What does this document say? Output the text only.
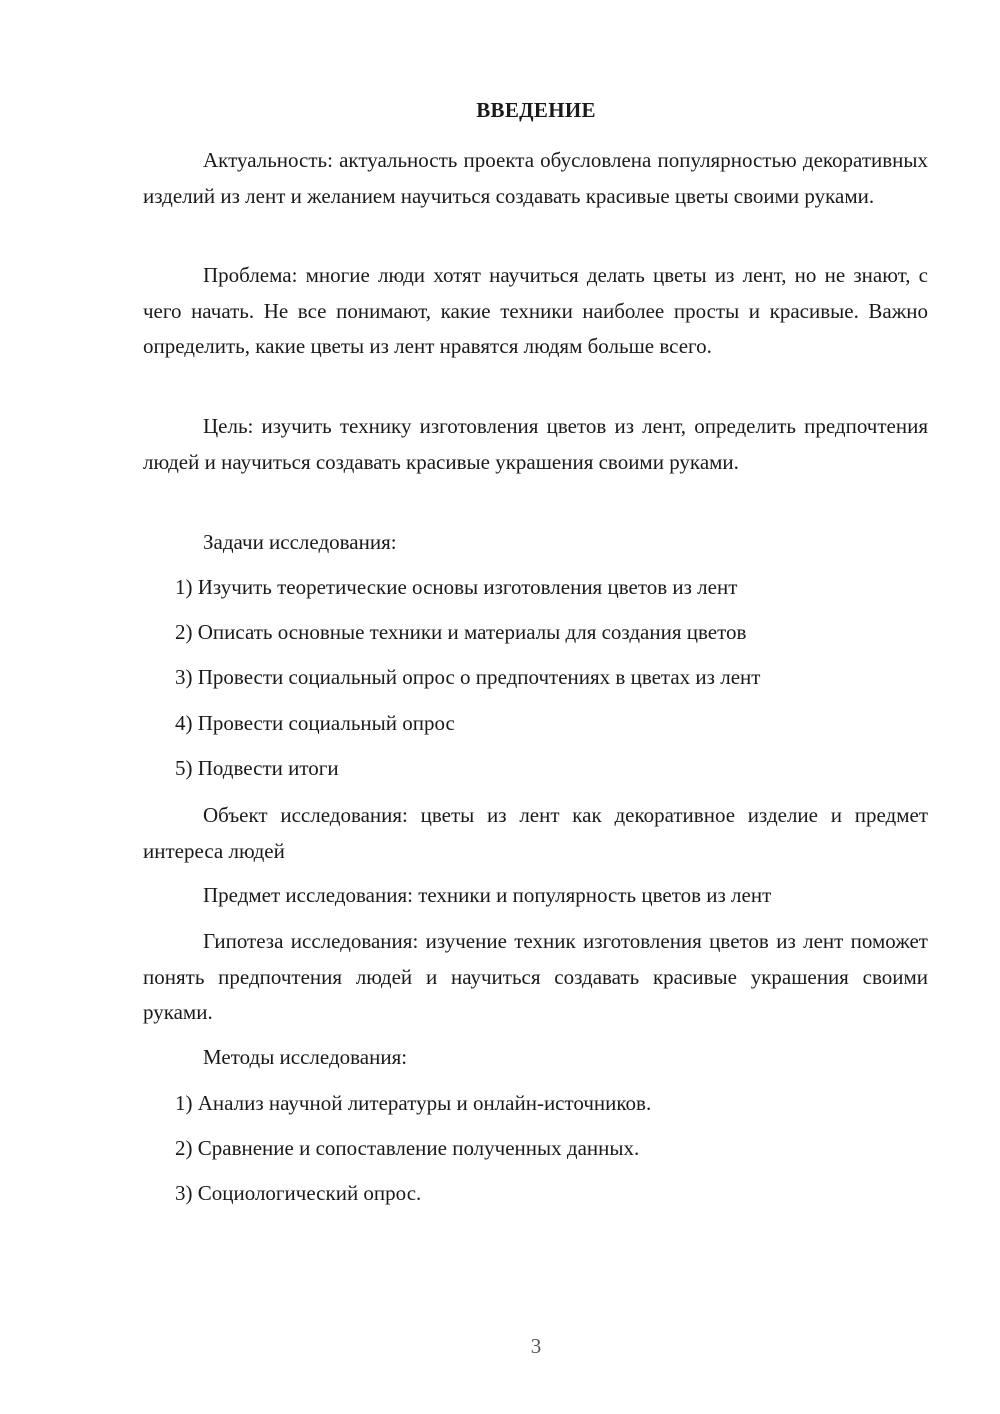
ВВЕДЕНИЕ

Актуальность: актуальность проекта обусловлена популярностью декоративных изделий из лент и желанием научиться создавать красивые цветы своими руками.

Проблема: многие люди хотят научиться делать цветы из лент, но не знают, с чего начать. Не все понимают, какие техники наиболее просты и красивые. Важно определить, какие цветы из лент нравятся людям больше всего.

Цель: изучить технику изготовления цветов из лент, определить предпочтения людей и научиться создавать красивые украшения своими руками.

Задачи исследования:

1) Изучить теоретические основы изготовления цветов из лент
2) Описать основные техники и материалы для создания цветов
3) Провести социальный опрос о предпочтениях в цветах из лент
4) Провести социальный опрос
5) Подвести итоги

Объект исследования: цветы из лент как декоративное изделие и предмет интереса людей

Предмет исследования: техники и популярность цветов из лент

Гипотеза исследования: изучение техник изготовления цветов из лент поможет понять предпочтения людей и научиться создавать красивые украшения своими руками.

Методы исследования:

1) Анализ научной литературы и онлайн-источников.
2) Сравнение и сопоставление полученных данных.
3) Социологический опрос.
3
